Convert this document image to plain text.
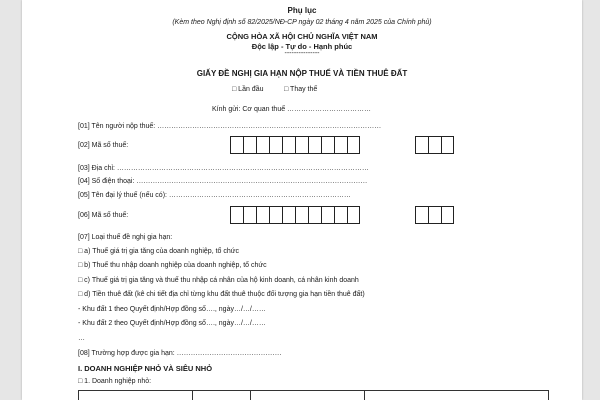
Phụ lục
(Kèm theo Nghị định số 82/2025/NĐ-CP ngày 02 tháng 4 năm 2025 của Chính phủ)
CỘNG HÒA XÃ HỘI CHỦ NGHĨA VIỆT NAM
Độc lập - Tự do - Hạnh phúc
---------------
GIẤY ĐỀ NGHỊ GIA HẠN NỘP THUẾ VÀ TIỀN THUÊ ĐẤT
□ Lần đầu	□ Thay thế
Kính gửi: Cơ quan thuế ………………………………
[01] Tên người nộp thuế: ……………………………………………………………………………………
[02] Mã số thuế:
[03] Địa chỉ: ………………………………………………………………………………………………
[04] Số điện thoại: ………………………………………………………………………………………
[05] Tên đại lý thuế (nếu có): ……………………………………………………………………
[06] Mã số thuế:
[07] Loại thuế đề nghị gia hạn:
□ a) Thuế giá trị gia tăng của doanh nghiệp, tổ chức
□ b) Thuế thu nhập doanh nghiệp của doanh nghiệp, tổ chức
□ c) Thuế giá trị gia tăng và thuế thu nhập cá nhân của hộ kinh doanh, cá nhân kinh doanh
□ d) Tiền thuê đất (kê chi tiết địa chỉ từng khu đất thuê thuộc đối tượng gia hạn tiền thuê đất)
- Khu đất 1 theo Quyết định/Hợp đồng số…., ngày…/…/……
- Khu đất 2 theo Quyết định/Hợp đồng số…., ngày…/…/……
…
[08] Trường hợp được gia hạn: ………………………………………
I. DOANH NGHIỆP NHỎ VÀ SIÊU NHỎ
□ 1. Doanh nghiệp nhỏ:
